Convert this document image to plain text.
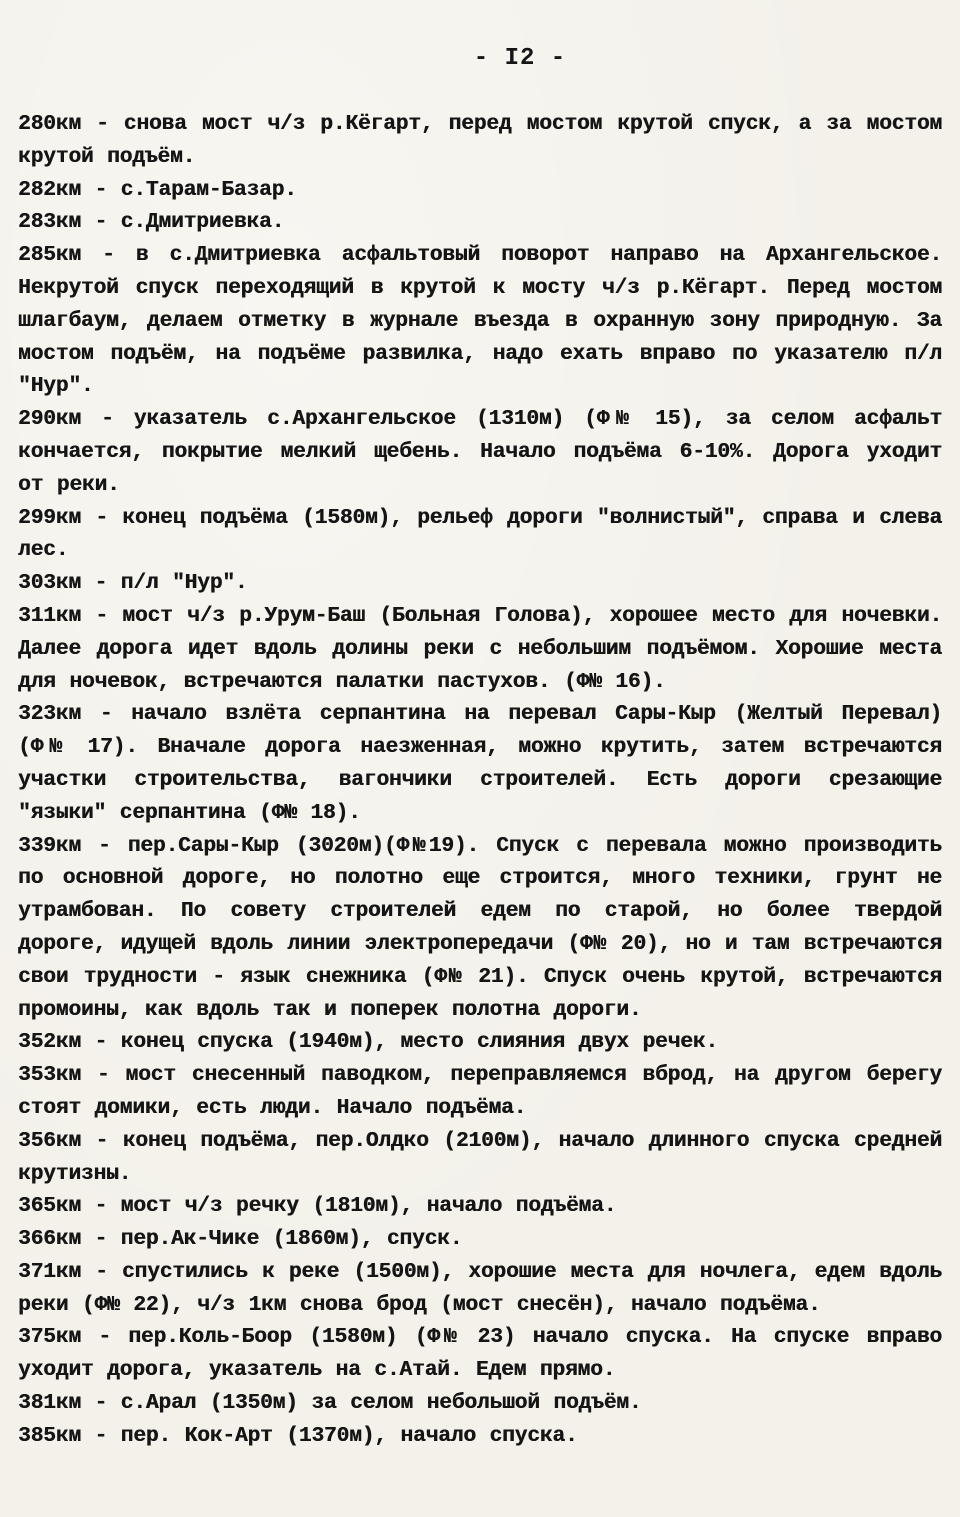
- I2 -

280км - снова мост ч/з р.Кёгарт, перед мостом крутой спуск, а за мостом крутой подъём.

282км - с.Тарам-Базар.

283км - с.Дмитриевка.

285км - в с.Дмитриевка асфальтовый поворот направо на Архангельское. Некрутой спуск переходящий в крутой к мосту ч/з р.Кёгарт. Перед мостом шлагбаум, делаем отметку в журнале въезда в охранную зону природную. За мостом подъём, на подъёме развилка, надо ехать вправо по указателю п/л "Нур".

290км - указатель с.Архангельское (1310м) (Ф№ 15), за селом асфальт кончается, покрытие мелкий щебень. Начало подъёма 6-10%. Дорога уходит от реки.

299км - конец подъёма (1580м), рельеф дороги "волнистый", справа и слева лес.

303км - п/л "Нур".

311км - мост ч/з р.Урум-Баш (Больная Голова), хорошее место для ночевки. Далее дорога идет вдоль долины реки с небольшим подъёмом. Хорошие места для ночевок, встречаются палатки пастухов. (Ф№ 16).

323км - начало взлёта серпантина на перевал Сары-Кыр (Желтый Перевал) (Ф№ 17). Вначале дорога наезженная, можно крутить, затем встречаются участки строительства, вагончики строителей. Есть дороги срезающие "языки" серпантина (Ф№ 18).

339км - пер.Сары-Кыр (3020м)(Ф№19). Спуск с перевала можно производить по основной дороге, но полотно еще строится, много техники, грунт не утрамбован. По совету строителей едем по старой, но более твердой дороге, идущей вдоль линии электропередачи (Ф№ 20), но и там встречаются свои трудности - язык снежника (Ф№ 21). Спуск очень крутой, встречаются промоины, как вдоль так и поперек полотна дороги.

352км - конец спуска (1940м), место слияния двух речек.

353км - мост снесенный паводком, переправляемся вброд, на другом берегу стоят домики, есть люди. Начало подъёма.

356км - конец подъёма, пер.Олдко (2100м), начало длинного спуска средней крутизны.

365км - мост ч/з речку (1810м), начало подъёма.

366км - пер.Ак-Чике (1860м), спуск.

371км - спустились к реке (1500м), хорошие места для ночлега, едем вдоль реки (Ф№ 22), ч/з 1км снова брод (мост снесён), начало подъёма.

375км - пер.Коль-Боор (1580м) (Ф№ 23) начало спуска. На спуске вправо уходит дорога, указатель на с.Атай. Едем прямо.

381км - с.Арал (1350м) за селом небольшой подъём.

385км - пер. Кок-Арт (1370м), начало спуска.
